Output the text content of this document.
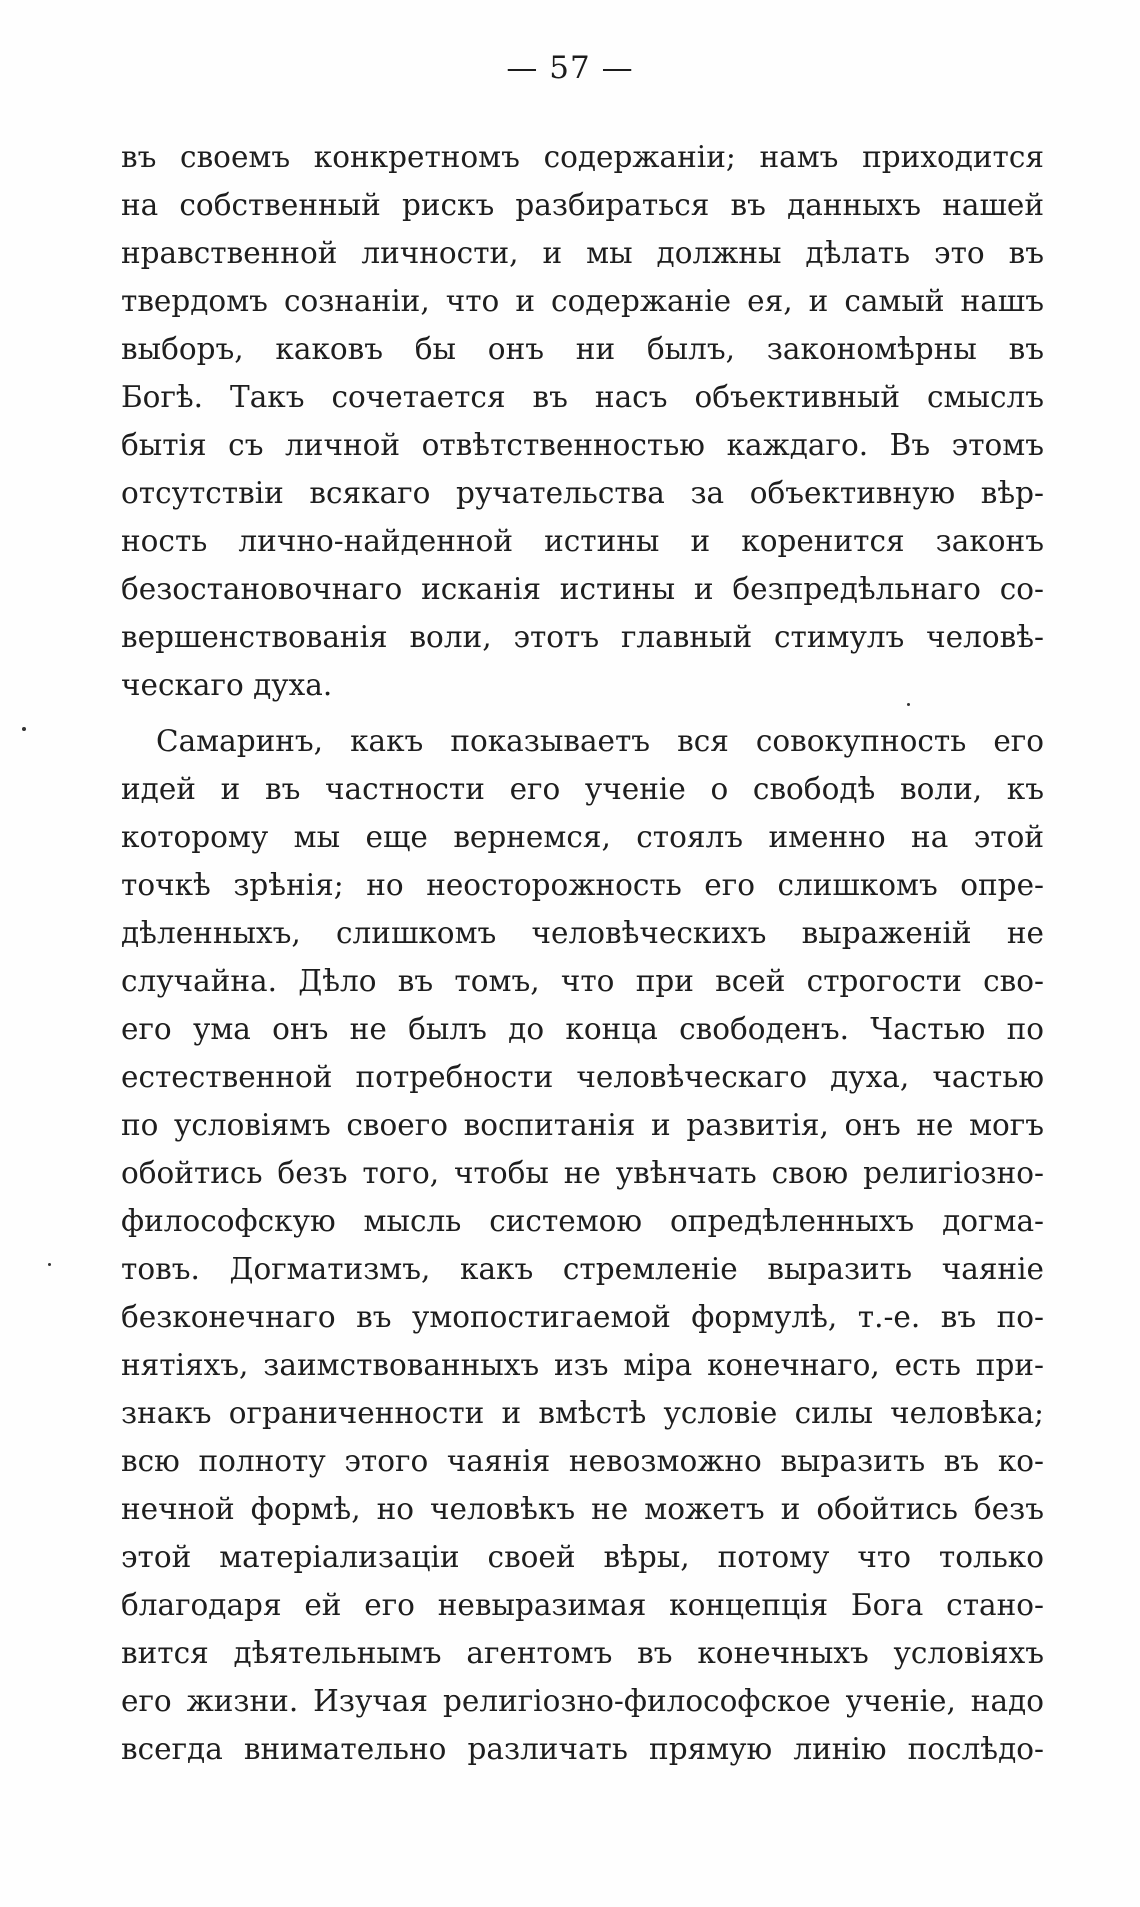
— 57 —
въ своемъ конкретномъ содержанiи; намъ приходится
на собственный рискъ разбираться въ данныхъ нашей
нравственной личности, и мы должны дѣлать это въ
твердомъ сознанiи, что и содержанiе ея, и самый нашъ
выборъ, каковъ бы онъ ни былъ, закономѣрны въ
Богѣ. Такъ сочетается въ насъ объективный смыслъ
бытiя съ личной отвѣтственностью каждаго. Въ этомъ
отсутствiи всякаго ручательства за объективную вѣр-
ность лично-найденной истины и коренится законъ
безостановочнаго исканiя истины и безпредѣльнаго со-
вершенствованiя воли, этотъ главный стимулъ человѣ-
ческаго духа.
Самаринъ, какъ показываетъ вся совокупность его
идей и въ частности его ученiе о свободѣ воли, къ
которому мы еще вернемся, стоялъ именно на этой
точкѣ зрѣнiя; но неосторожность его слишкомъ опре-
дѣленныхъ, слишкомъ человѣческихъ выраженiй не
случайна. Дѣло въ томъ, что при всей строгости сво-
его ума онъ не былъ до конца свободенъ. Частью по
естественной потребности человѣческаго духа, частью
по условiямъ своего воспитанiя и развитiя, онъ не могъ
обойтись безъ того, чтобы не увѣнчать свою религiозно-
философскую мысль системою опредѣленныхъ догма-
товъ. Догматизмъ, какъ стремленiе выразить чаянiе
безконечнаго въ умопостигаемой формулѣ, т.-е. въ по-
нятiяхъ, заимствованныхъ изъ мiра конечнаго, есть при-
знакъ ограниченности и вмѣстѣ условiе силы человѣка;
всю полноту этого чаянiя невозможно выразить въ ко-
нечной формѣ, но человѣкъ не можетъ и обойтись безъ
этой матерiализацiи своей вѣры, потому что только
благодаря ей его невыразимая концепцiя Бога стано-
вится дѣятельнымъ агентомъ въ конечныхъ условiяхъ
его жизни. Изучая религiозно-философское ученiе, надо
всегда внимательно различать прямую линiю послѣдо-
